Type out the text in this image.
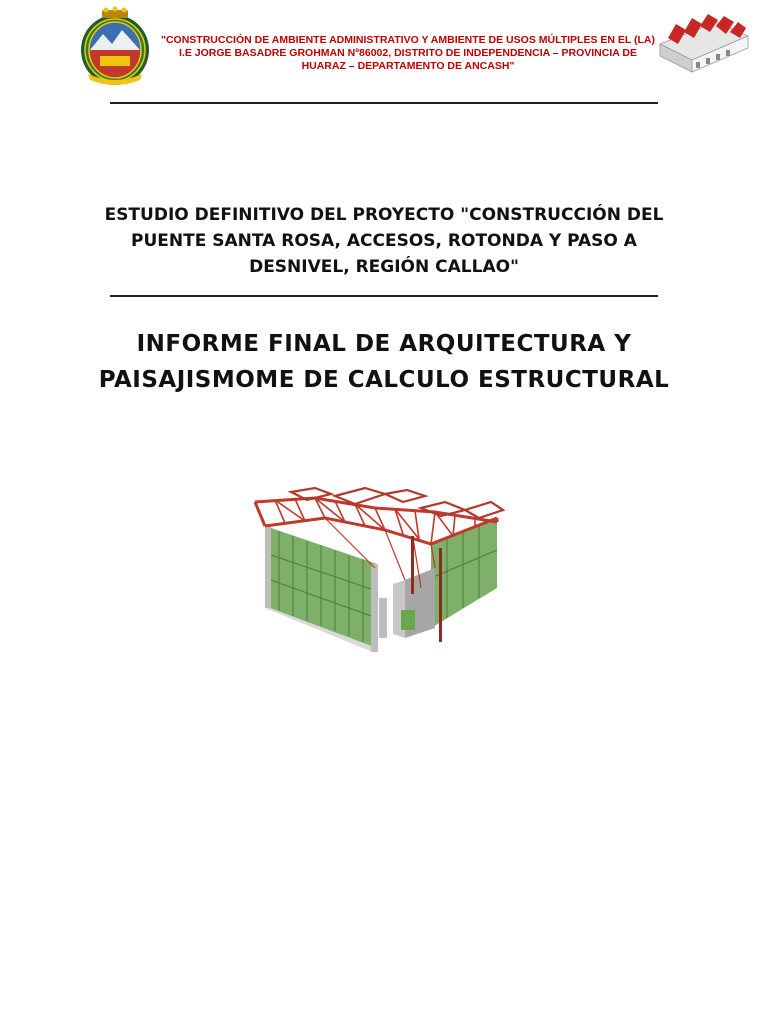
"CONSTRUCCIÓN DE AMBIENTE ADMINISTRATIVO Y AMBIENTE DE USOS MÚLTIPLES EN EL (LA) I.E JORGE BASADRE GROHMAN Nº86002, DISTRITO DE INDEPENDENCIA – PROVINCIA DE HUARAZ – DEPARTAMENTO DE ANCASH"

ESTUDIO DEFINITIVO DEL PROYECTO "CONSTRUCCIÓN DEL PUENTE SANTA ROSA, ACCESOS, ROTONDA Y PASO A DESNIVEL, REGIÓN CALLAO"

INFORME FINAL DE ARQUITECTURA Y PAISAJISMOME DE CALCULO ESTRUCTURAL
